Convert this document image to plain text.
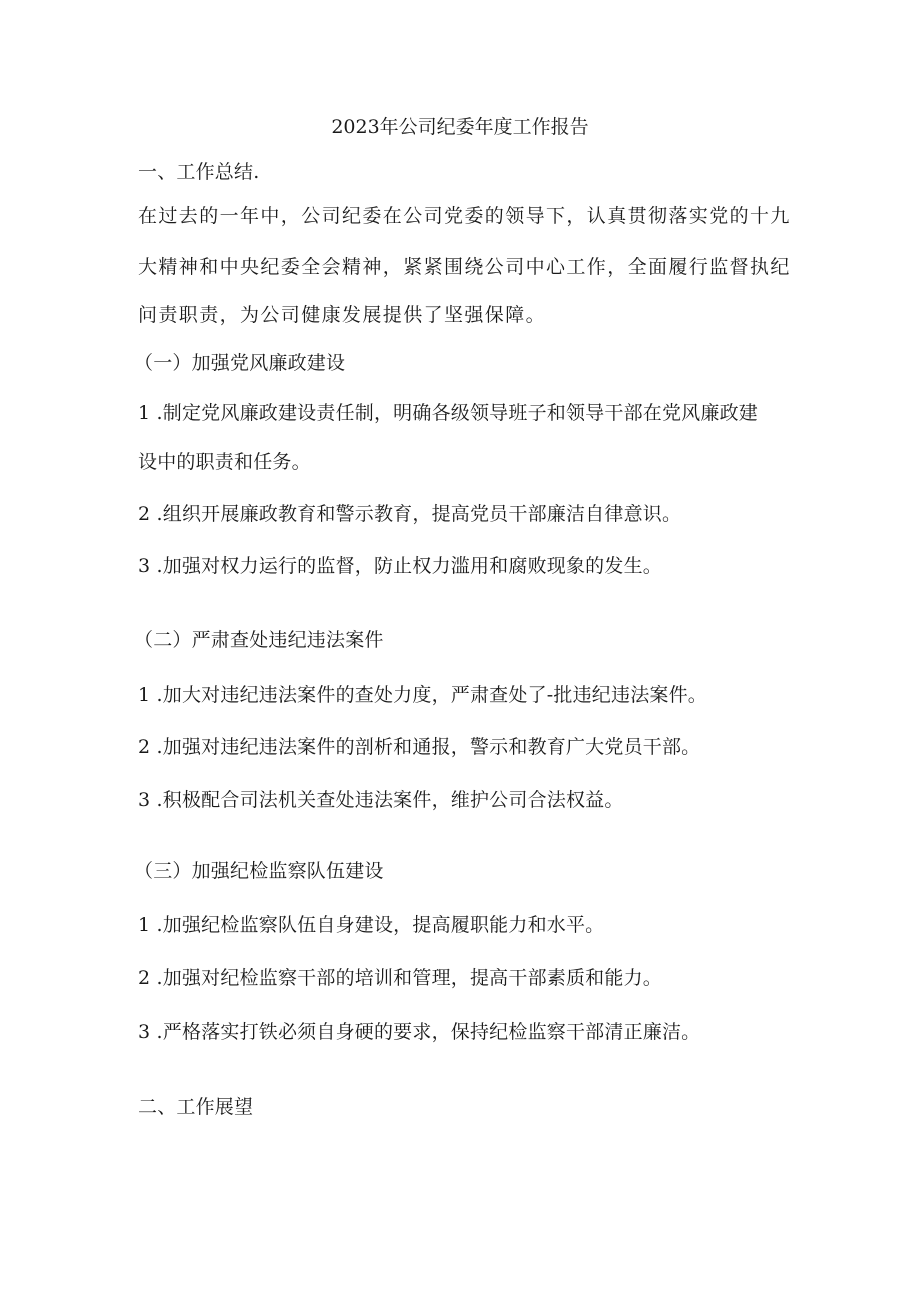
2023年公司纪委年度工作报告
一、工作总结.
在过去的一年中，公司纪委在公司党委的领导下，认真贯彻落实党的十九
大精神和中央纪委全会精神，紧紧围绕公司中心工作，全面履行监督执纪
问责职责，为公司健康发展提供了坚强保障。
（一）加强党风廉政建设
1 .制定党风廉政建设责任制，明确各级领导班子和领导干部在党风廉政建
设中的职责和任务。
2 .组织开展廉政教育和警示教育，提高党员干部廉洁自律意识。
3 .加强对权力运行的监督，防止权力滥用和腐败现象的发生。
（二）严肃查处违纪违法案件
1 .加大对违纪违法案件的查处力度，严肃查处了-批违纪违法案件。
2 .加强对违纪违法案件的剖析和通报，警示和教育广大党员干部。
3 .积极配合司法机关查处违法案件，维护公司合法权益。
（三）加强纪检监察队伍建设
1 .加强纪检监察队伍自身建设，提高履职能力和水平。
2 .加强对纪检监察干部的培训和管理，提高干部素质和能力。
3 .严格落实打铁必须自身硬的要求，保持纪检监察干部清正廉洁。
二、工作展望
